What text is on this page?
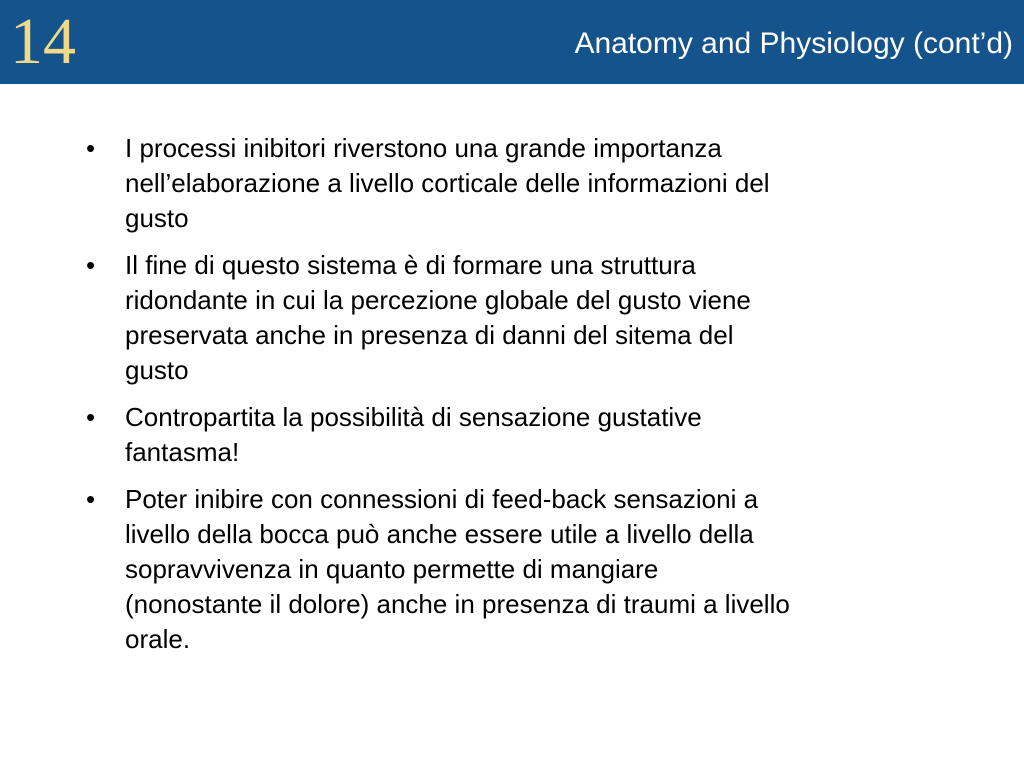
14	Anatomy and Physiology (cont’d)
• I processi inibitori riverstono una grande importanza
nell’elaborazione a livello corticale delle informazioni del
gusto
• Il fine di questo sistema è di formare una struttura
ridondante in cui la percezione globale del gusto viene
preservata anche in presenza di danni del sitema del
gusto
• Contropartita la possibilità di sensazione gustative
fantasma!
• Poter inibire con connessioni di feed-back sensazioni a
livello della bocca può anche essere utile a livello della
sopravvivenza in quanto permette di mangiare
(nonostante il dolore) anche in presenza di traumi a livello
orale.
